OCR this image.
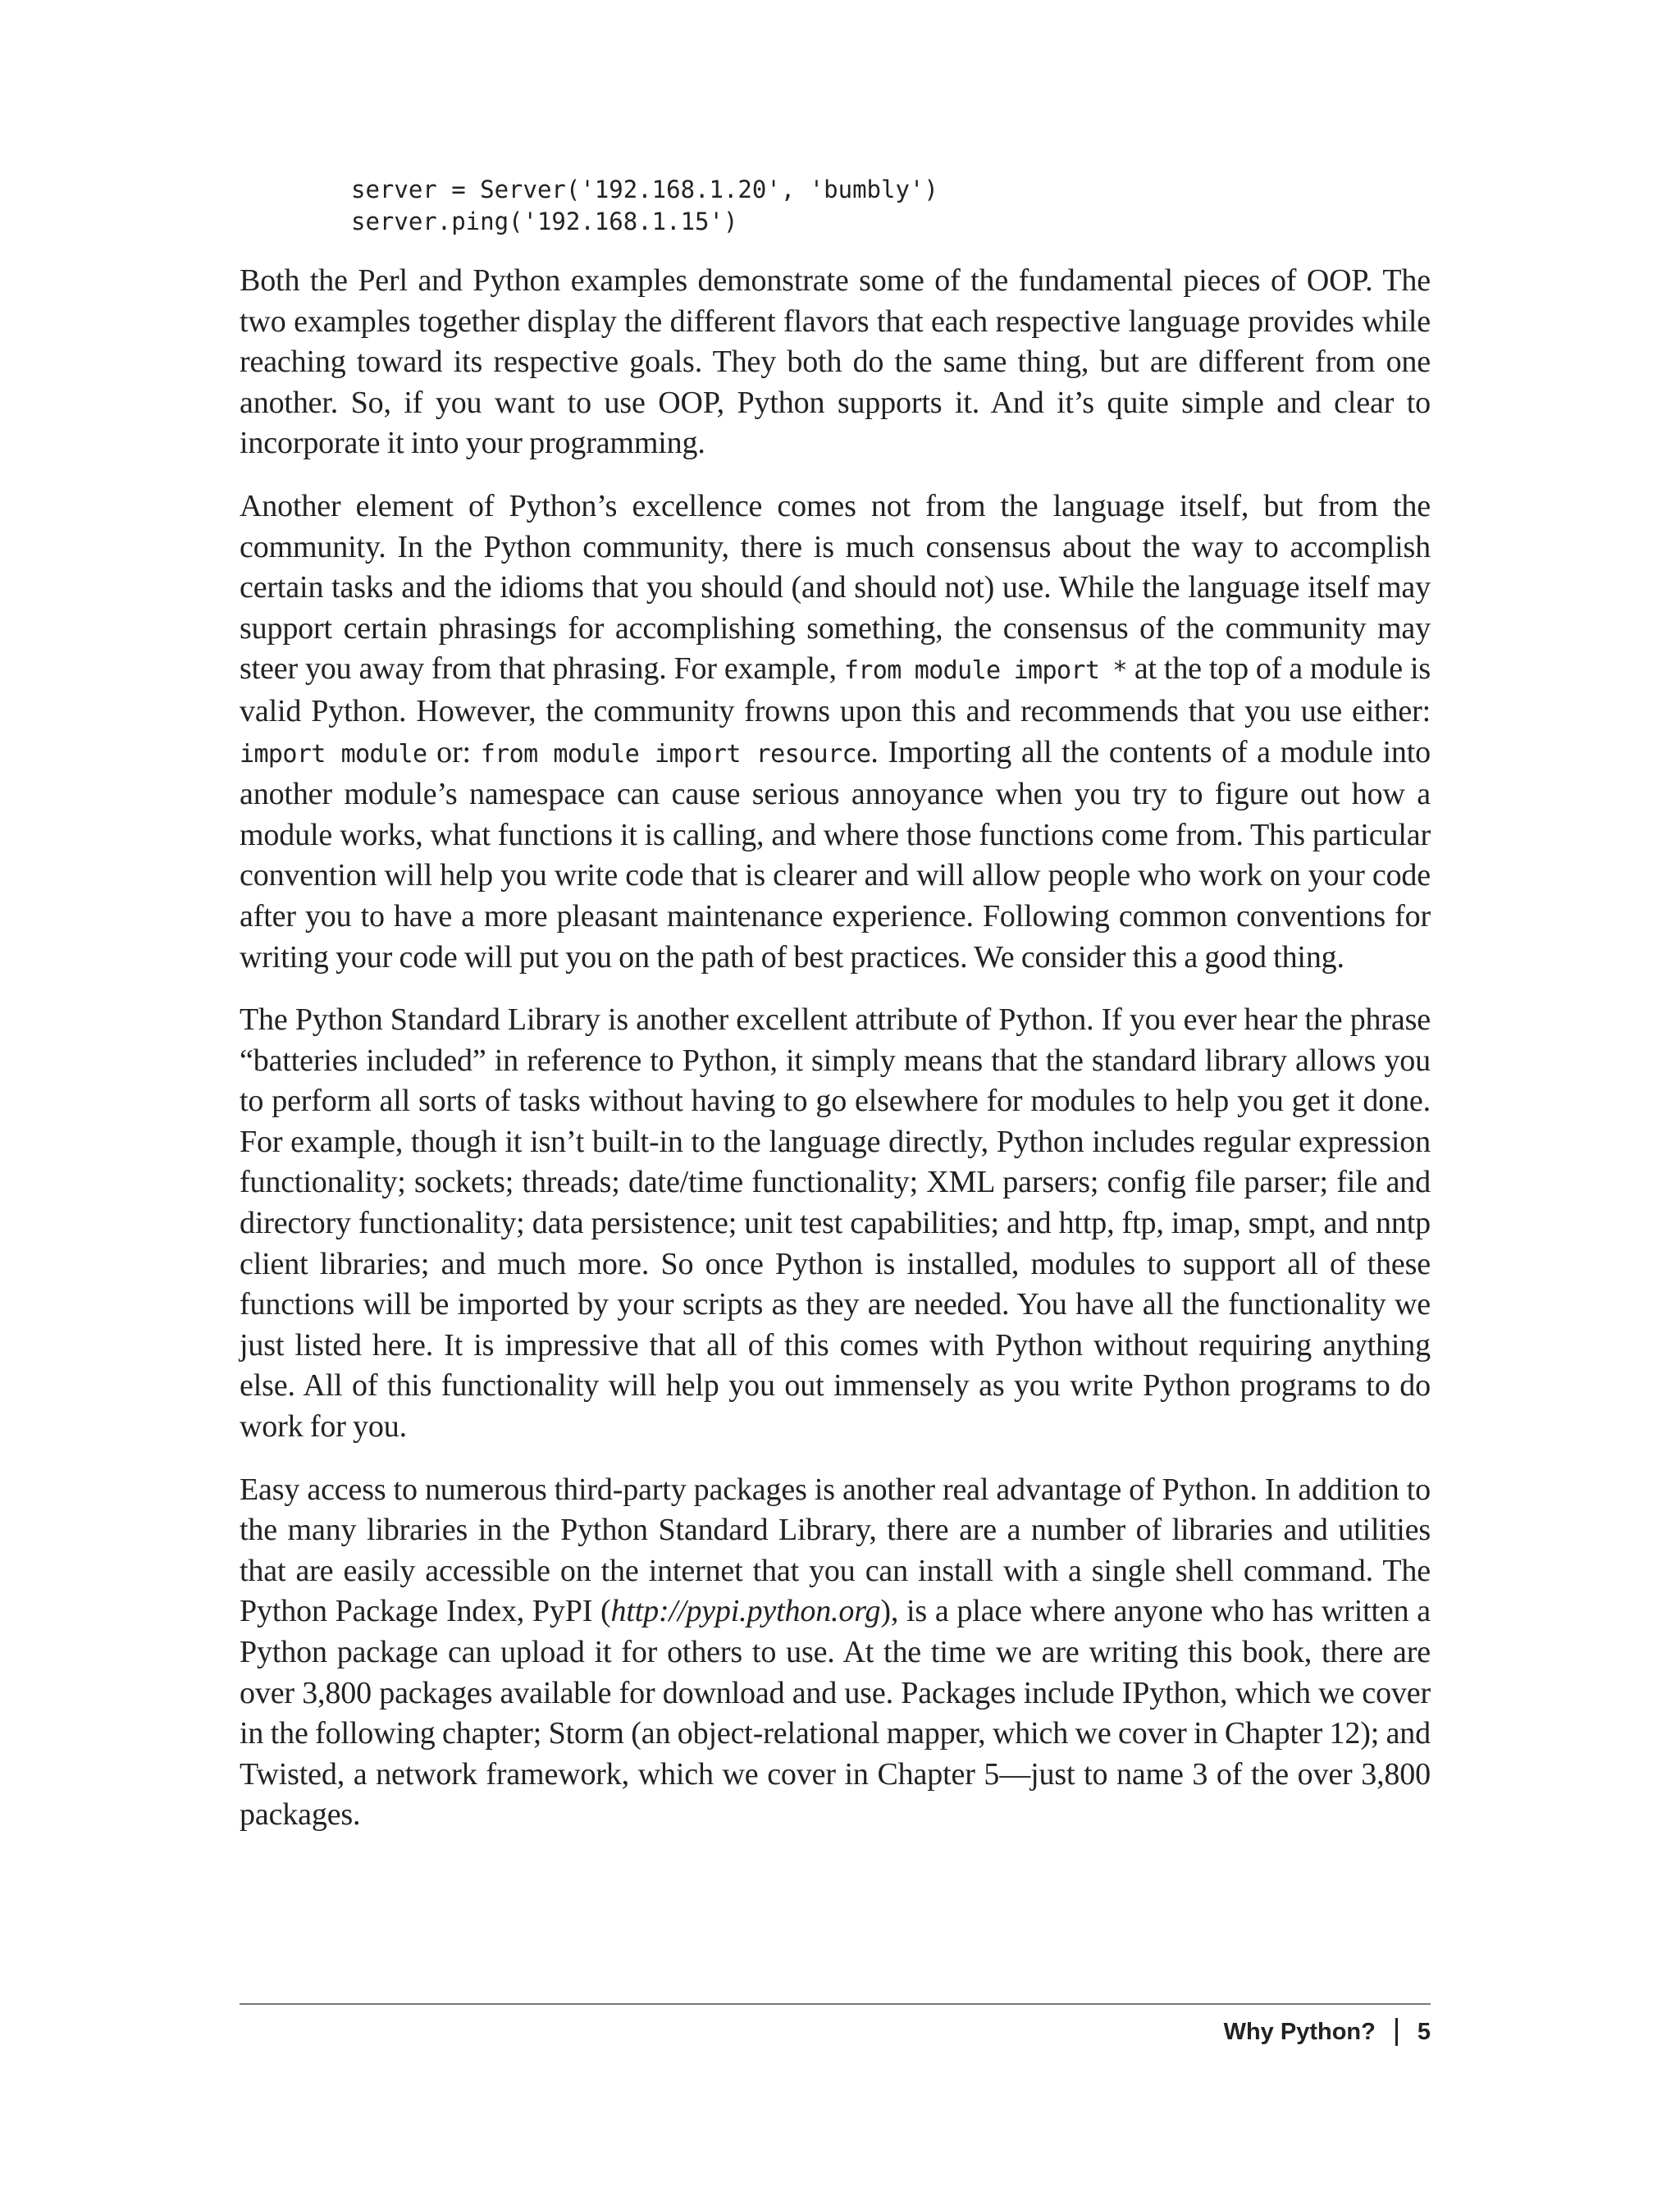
server = Server('192.168.1.20', 'bumbly')
server.ping('192.168.1.15')

Both the Perl and Python examples demonstrate some of the fundamental pieces of OOP. The two examples together display the different flavors that each respective language provides while reaching toward its respective goals. They both do the same thing, but are different from one another. So, if you want to use OOP, Python supports it. And it’s quite simple and clear to incorporate it into your programming.

Another element of Python’s excellence comes not from the language itself, but from the community. In the Python community, there is much consensus about the way to accomplish certain tasks and the idioms that you should (and should not) use. While the language itself may support certain phrasings for accomplishing something, the consensus of the community may steer you away from that phrasing. For example, from module import * at the top of a module is valid Python. However, the community frowns upon this and recommends that you use either: import module or: from module import resource. Importing all the contents of a module into another module’s namespace can cause serious annoyance when you try to figure out how a module works, what functions it is calling, and where those functions come from. This particular convention will help you write code that is clearer and will allow people who work on your code after you to have a more pleasant maintenance experience. Following common conventions for writing your code will put you on the path of best practices. We consider this a good thing.

The Python Standard Library is another excellent attribute of Python. If you ever hear the phrase “batteries included” in reference to Python, it simply means that the standard library allows you to perform all sorts of tasks without having to go elsewhere for modules to help you get it done. For example, though it isn’t built-in to the language directly, Python includes regular expression functionality; sockets; threads; date/time functionality; XML parsers; config file parser; file and directory functionality; data persistence; unit test capabilities; and http, ftp, imap, smpt, and nntp client libraries; and much more. So once Python is installed, modules to support all of these functions will be imported by your scripts as they are needed. You have all the functionality we just listed here. It is impressive that all of this comes with Python without requiring anything else. All of this functionality will help you out immensely as you write Python programs to do work for you.

Easy access to numerous third-party packages is another real advantage of Python. In addition to the many libraries in the Python Standard Library, there are a number of libraries and utilities that are easily accessible on the internet that you can install with a single shell command. The Python Package Index, PyPI (http://pypi.python.org), is a place where anyone who has written a Python package can upload it for others to use. At the time we are writing this book, there are over 3,800 packages available for download and use. Packages include IPython, which we cover in the following chapter; Storm (an object-relational mapper, which we cover in Chapter 12); and Twisted, a network framework, which we cover in Chapter 5—just to name 3 of the over 3,800 packages.

Why Python? 5
